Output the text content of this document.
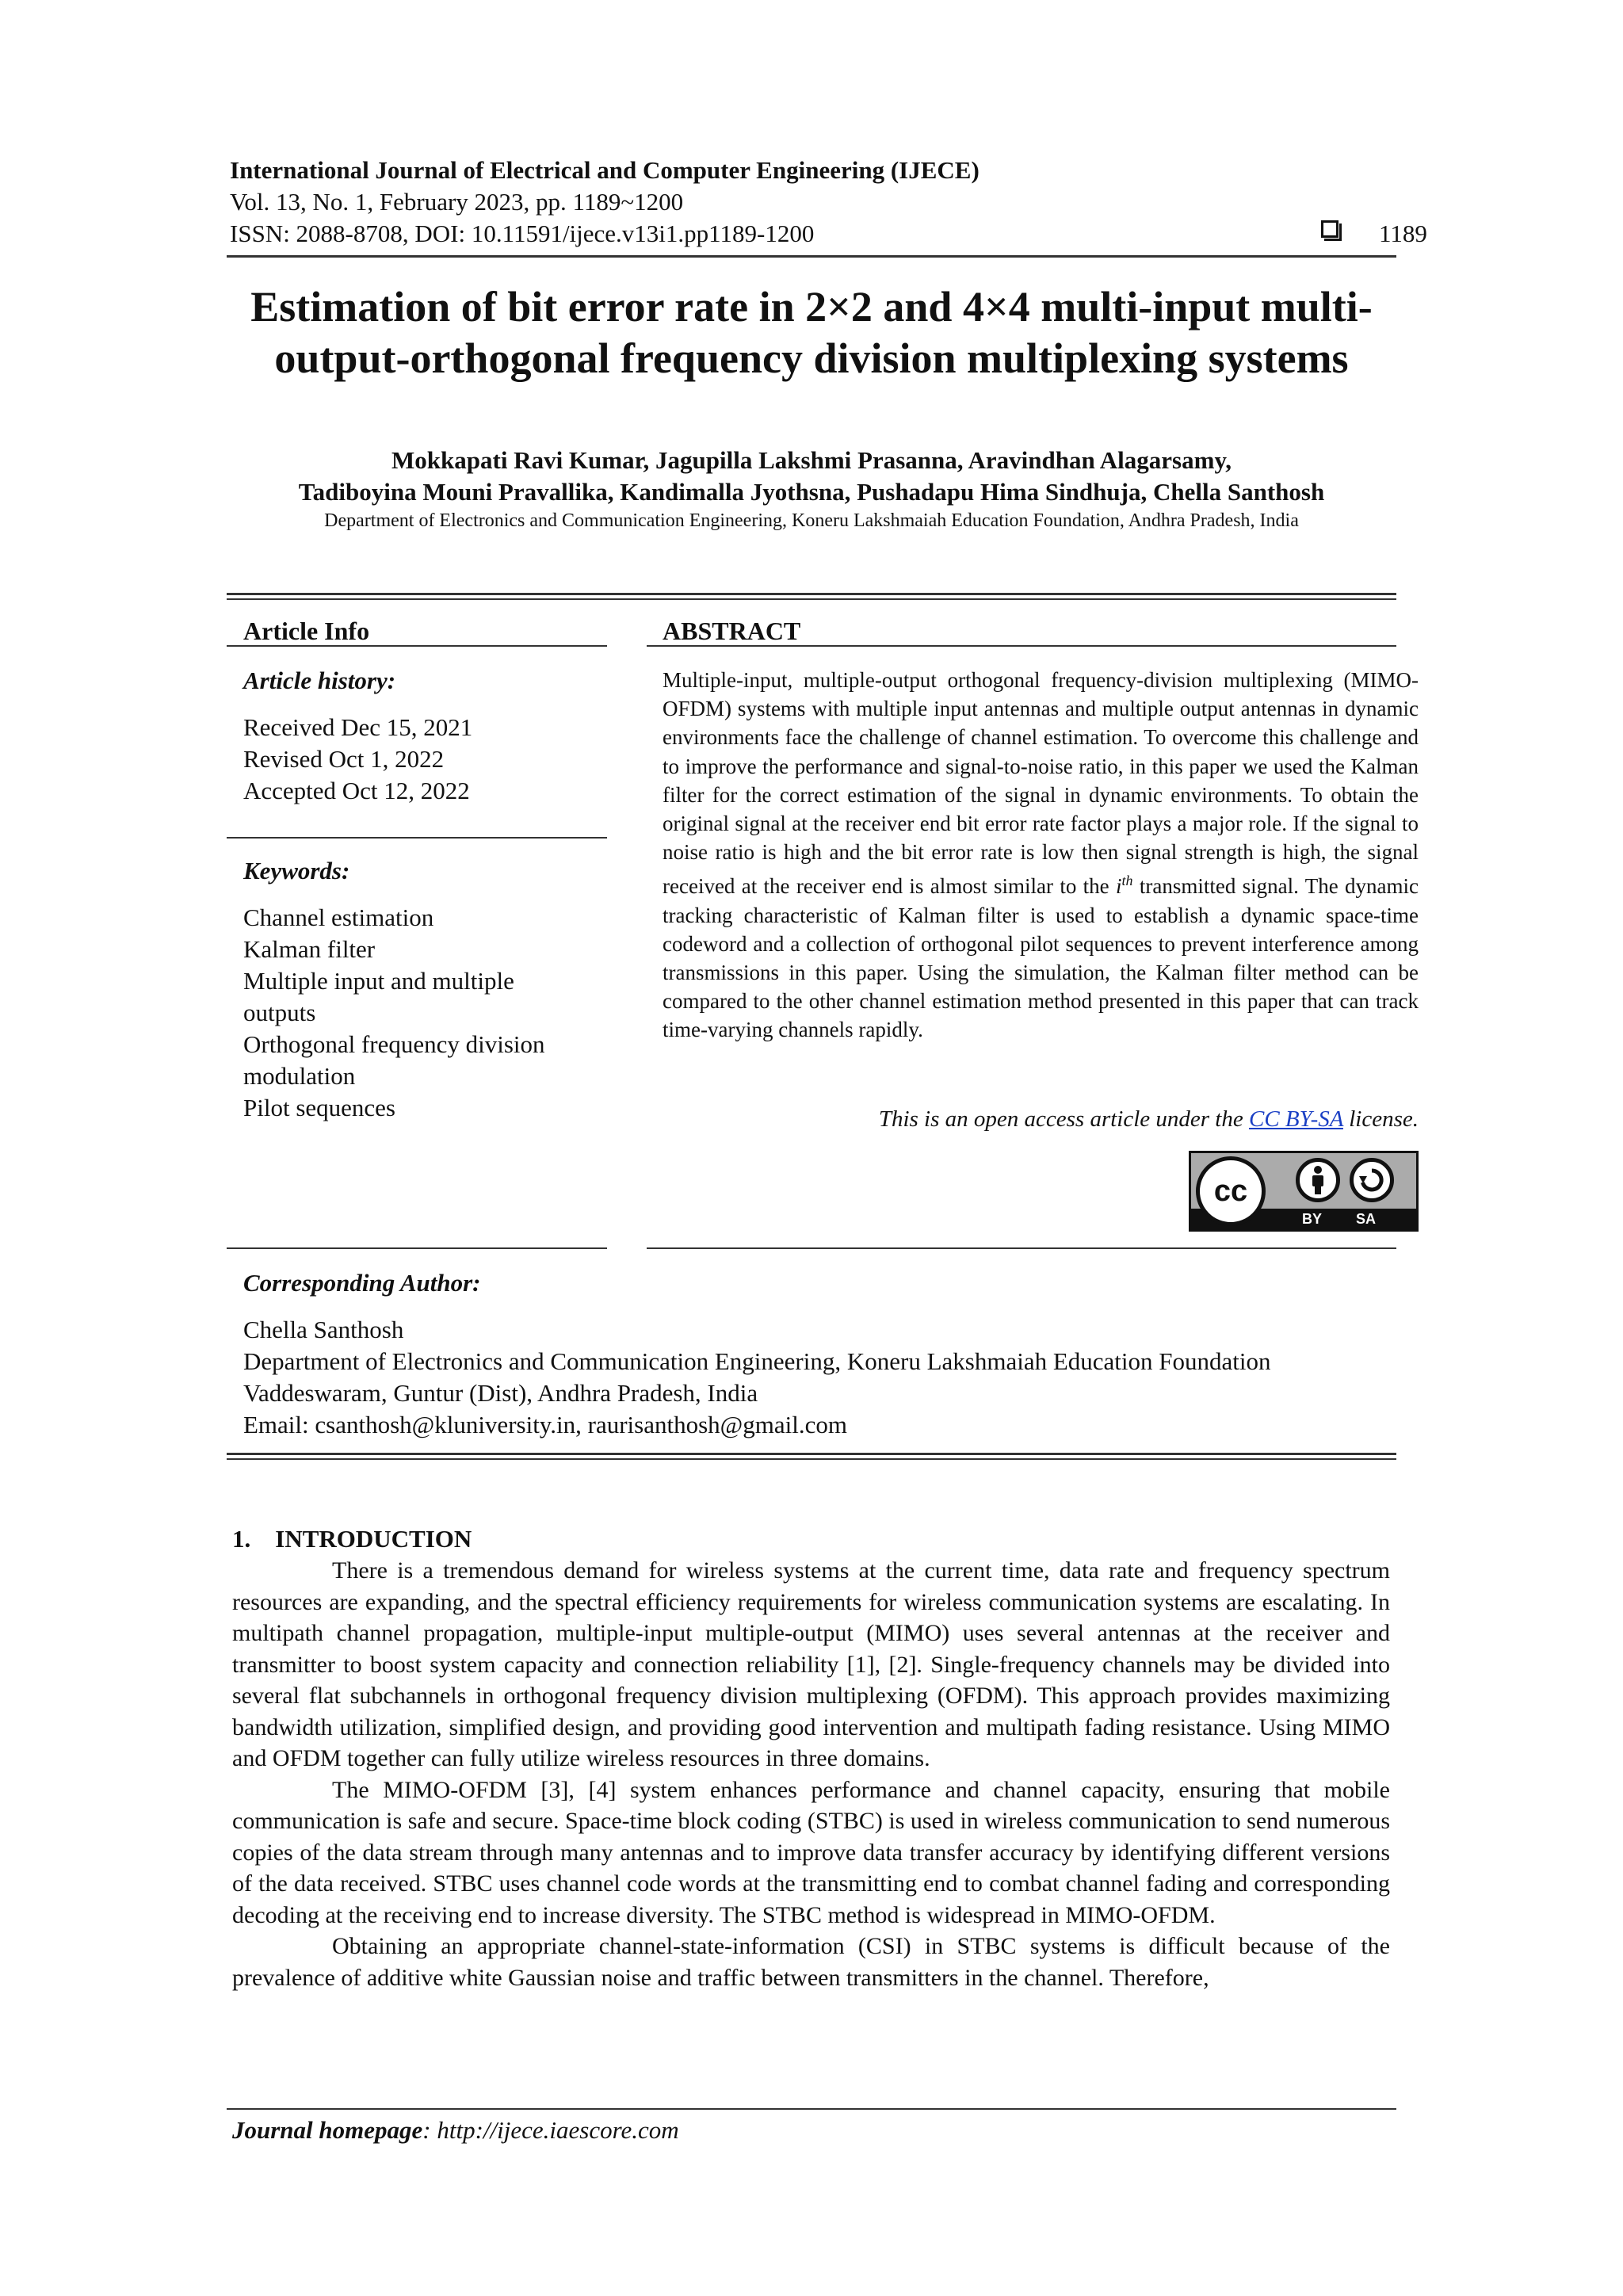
International Journal of Electrical and Computer Engineering (IJECE)
Vol. 13, No. 1, February 2023, pp. 1189~1200
ISSN: 2088-8708, DOI: 10.11591/ijece.v13i1.pp1189-1200	1189
Estimation of bit error rate in 2×2 and 4×4 multi-input multi-output-orthogonal frequency division multiplexing systems
Mokkapati Ravi Kumar, Jagupilla Lakshmi Prasanna, Aravindhan Alagarsamy,
Tadiboyina Mouni Pravallika, Kandimalla Jyothsna, Pushadapu Hima Sindhuja, Chella Santhosh
Department of Electronics and Communication Engineering, Koneru Lakshmaiah Education Foundation, Andhra Pradesh, India
Article Info
Article history:
Received Dec 15, 2021
Revised Oct 1, 2022
Accepted Oct 12, 2022
Keywords:
Channel estimation
Kalman filter
Multiple input and multiple
outputs
Orthogonal frequency division
modulation
Pilot sequences
ABSTRACT
Multiple-input, multiple-output orthogonal frequency-division multiplexing (MIMO-OFDM) systems with multiple input antennas and multiple output antennas in dynamic environments face the challenge of channel estimation. To overcome this challenge and to improve the performance and signal-to-noise ratio, in this paper we used the Kalman filter for the correct estimation of the signal in dynamic environments. To obtain the original signal at the receiver end bit error rate factor plays a major role. If the signal to noise ratio is high and the bit error rate is low then signal strength is high, the signal received at the receiver end is almost similar to the $i^{th}$ transmitted signal. The dynamic tracking characteristic of Kalman filter is used to establish a dynamic space-time codeword and a collection of orthogonal pilot sequences to prevent interference among transmissions in this paper. Using the simulation, the Kalman filter method can be compared to the other channel estimation method presented in this paper that can track time-varying channels rapidly.
This is an open access article under the CC BY-SA license.
cc
BY SA
Corresponding Author:
Chella Santhosh
Department of Electronics and Communication Engineering, Koneru Lakshmaiah Education Foundation
Vaddeswaram, Guntur (Dist), Andhra Pradesh, India
Email: csanthosh@kluniversity.in, raurisanthosh@gmail.com
1.    INTRODUCTION

There is a tremendous demand for wireless systems at the current time, data rate and frequency spectrum resources are expanding, and the spectral efficiency requirements for wireless communication systems are escalating. In multipath channel propagation, multiple-input multiple-output (MIMO) uses several antennas at the receiver and transmitter to boost system capacity and connection reliability [1], [2]. Single-frequency channels may be divided into several flat subchannels in orthogonal frequency division multiplexing (OFDM). This approach provides maximizing bandwidth utilization, simplified design, and providing good intervention and multipath fading resistance. Using MIMO and OFDM together can fully utilize wireless resources in three domains.

The MIMO-OFDM [3], [4] system enhances performance and channel capacity, ensuring that mobile communication is safe and secure. Space-time block coding (STBC) is used in wireless communication to send numerous copies of the data stream through many antennas and to improve data transfer accuracy by identifying different versions of the data received. STBC uses channel code words at the transmitting end to combat channel fading and corresponding decoding at the receiving end to increase diversity. The STBC method is widespread in MIMO-OFDM.

Obtaining an appropriate channel-state-information (CSI) in STBC systems is difficult because of the prevalence of additive white Gaussian noise and traffic between transmitters in the channel. Therefore,

Journal homepage: http://ijece.iaescore.com
